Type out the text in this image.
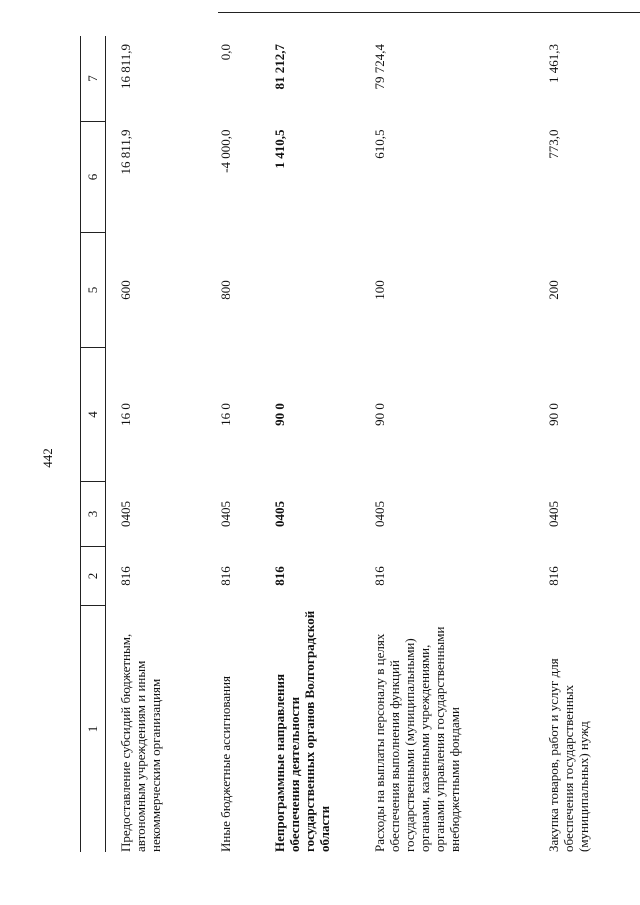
442
1	2	3	4	5	6	7
Предоставление субсидий бюджетным, автономным учреждениям и иным некоммерческим организациям	816	0405	16 0	600	16 811,9	16 811,9
Иные бюджетные ассигнования	816	0405	16 0	800	-4 000,0	0,0
Непрограммные направления обеспечения деятельности государственных органов Волгоградской области	816	0405	90 0		1 410,5	81 212,7
Расходы на выплаты персоналу в целях обеспечения выполнения функций государственными (муниципальными) органами, казенными учреждениями, органами управления государственными внебюджетными фондами	816	0405	90 0	100	610,5	79 724,4
Закупка товаров, работ и услуг для обеспечения государственных (муниципальных) нужд	816	0405	90 0	200	773,0	1 461,3
